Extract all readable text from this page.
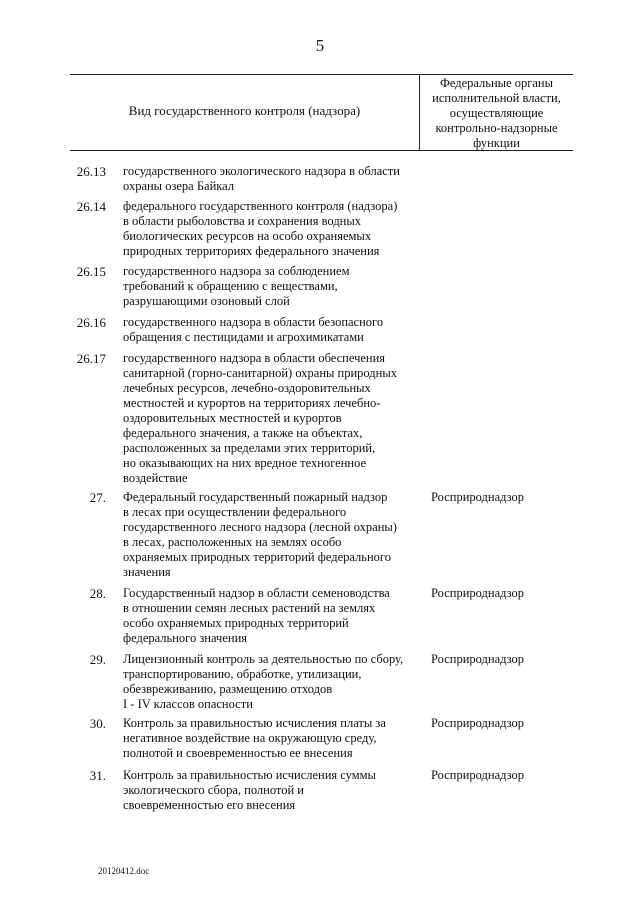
5
Вид государственного контроля (надзора)
Федеральные органы
исполнительной власти,
осуществляющие
контрольно-надзорные
функции
26.13 государственного экологического надзора в области
охраны озера Байкал
26.14 федерального государственного контроля (надзора)
в области рыболовства и сохранения водных
биологических ресурсов на особо охраняемых
природных территориях федерального значения
26.15 государственного надзора за соблюдением
требований к обращению с веществами,
разрушающими озоновый слой
26.16 государственного надзора в области безопасного
обращения с пестицидами и агрохимикатами
26.17 государственного надзора в области обеспечения
санитарной (горно-санитарной) охраны природных
лечебных ресурсов, лечебно-оздоровительных
местностей и курортов на территориях лечебно-
оздоровительных местностей и курортов
федерального значения, а также на объектах,
расположенных за пределами этих территорий,
но оказывающих на них вредное техногенное
воздействие
27. Федеральный государственный пожарный надзор
в лесах при осуществлении федерального
государственного лесного надзора (лесной охраны)
в лесах, расположенных на землях особо
охраняемых природных территорий федерального
значения
Росприроднадзор
28. Государственный надзор в области семеноводства
в отношении семян лесных растений на землях
особо охраняемых природных территорий
федерального значения
Росприроднадзор
29. Лицензионный контроль за деятельностью по сбору,
транспортированию, обработке, утилизации,
обезвреживанию, размещению отходов
I - IV классов опасности
Росприроднадзор
30. Контроль за правильностью исчисления платы за
негативное воздействие на окружающую среду,
полнотой и своевременностью ее внесения
Росприроднадзор
31. Контроль за правильностью исчисления суммы
экологического сбора, полнотой и
своевременностью его внесения
Росприроднадзор
20120412.doc
